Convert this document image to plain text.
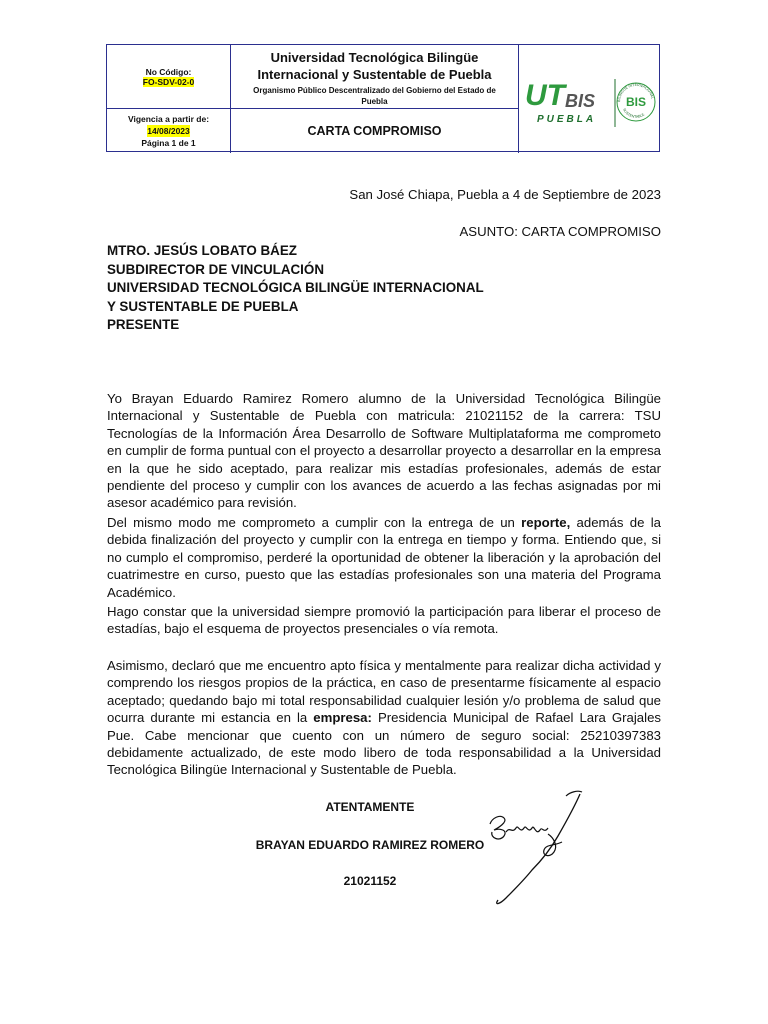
No Código:
FO-SDV-02-0
Vigencia a partir de:
14/08/2023
Página 1 de 1
Universidad Tecnológica Bilingüe Internacional y Sustentable de Puebla
Organismo Público Descentralizado del Gobierno del Estado de Puebla
CARTA COMPROMISO
UT BIS
PUEBLA
BIS
BILINGÜE INTERNACIONAL
SUSTENTABLE
San José Chiapa, Puebla a 4 de Septiembre de 2023
ASUNTO: CARTA COMPROMISO
MTRO. JESÚS LOBATO BÁEZ
SUBDIRECTOR DE VINCULACIÓN
UNIVERSIDAD TECNOLÓGICA BILINGÜE INTERNACIONAL
Y SUSTENTABLE DE PUEBLA
PRESENTE
Yo Brayan Eduardo Ramirez Romero alumno de la Universidad Tecnológica Bilingüe Internacional y Sustentable de Puebla con matricula: 21021152 de la carrera: TSU Tecnologías de la Información Área Desarrollo de Software Multiplataforma me comprometo en cumplir de forma puntual con el proyecto a desarrollar proyecto a desarrollar en la empresa en la que he sido aceptado, para realizar mis estadías profesionales, además de estar pendiente del proceso y cumplir con los avances de acuerdo a las fechas asignadas por mi asesor académico para revisión.
Del mismo modo me comprometo a cumplir con la entrega de un reporte, además de la debida finalización del proyecto y cumplir con la entrega en tiempo y forma. Entiendo que, si no cumplo el compromiso, perderé la oportunidad de obtener la liberación y la aprobación del cuatrimestre en curso, puesto que las estadías profesionales son una materia del Programa Académico.
Hago constar que la universidad siempre promovió la participación para liberar el proceso de estadías, bajo el esquema de proyectos presenciales o vía remota.
Asimismo, declaró que me encuentro apto física y mentalmente para realizar dicha actividad y comprendo los riesgos propios de la práctica, en caso de presentarme físicamente al espacio aceptado; quedando bajo mi total responsabilidad cualquier lesión y/o problema de salud que ocurra durante mi estancia en la empresa: Presidencia Municipal de Rafael Lara Grajales Pue. Cabe mencionar que cuento con un número de seguro social: 25210397383 debidamente actualizado, de este modo libero de toda responsabilidad a la Universidad Tecnológica Bilingüe Internacional y Sustentable de Puebla.
ATENTAMENTE
BRAYAN EDUARDO RAMIREZ ROMERO
21021152
